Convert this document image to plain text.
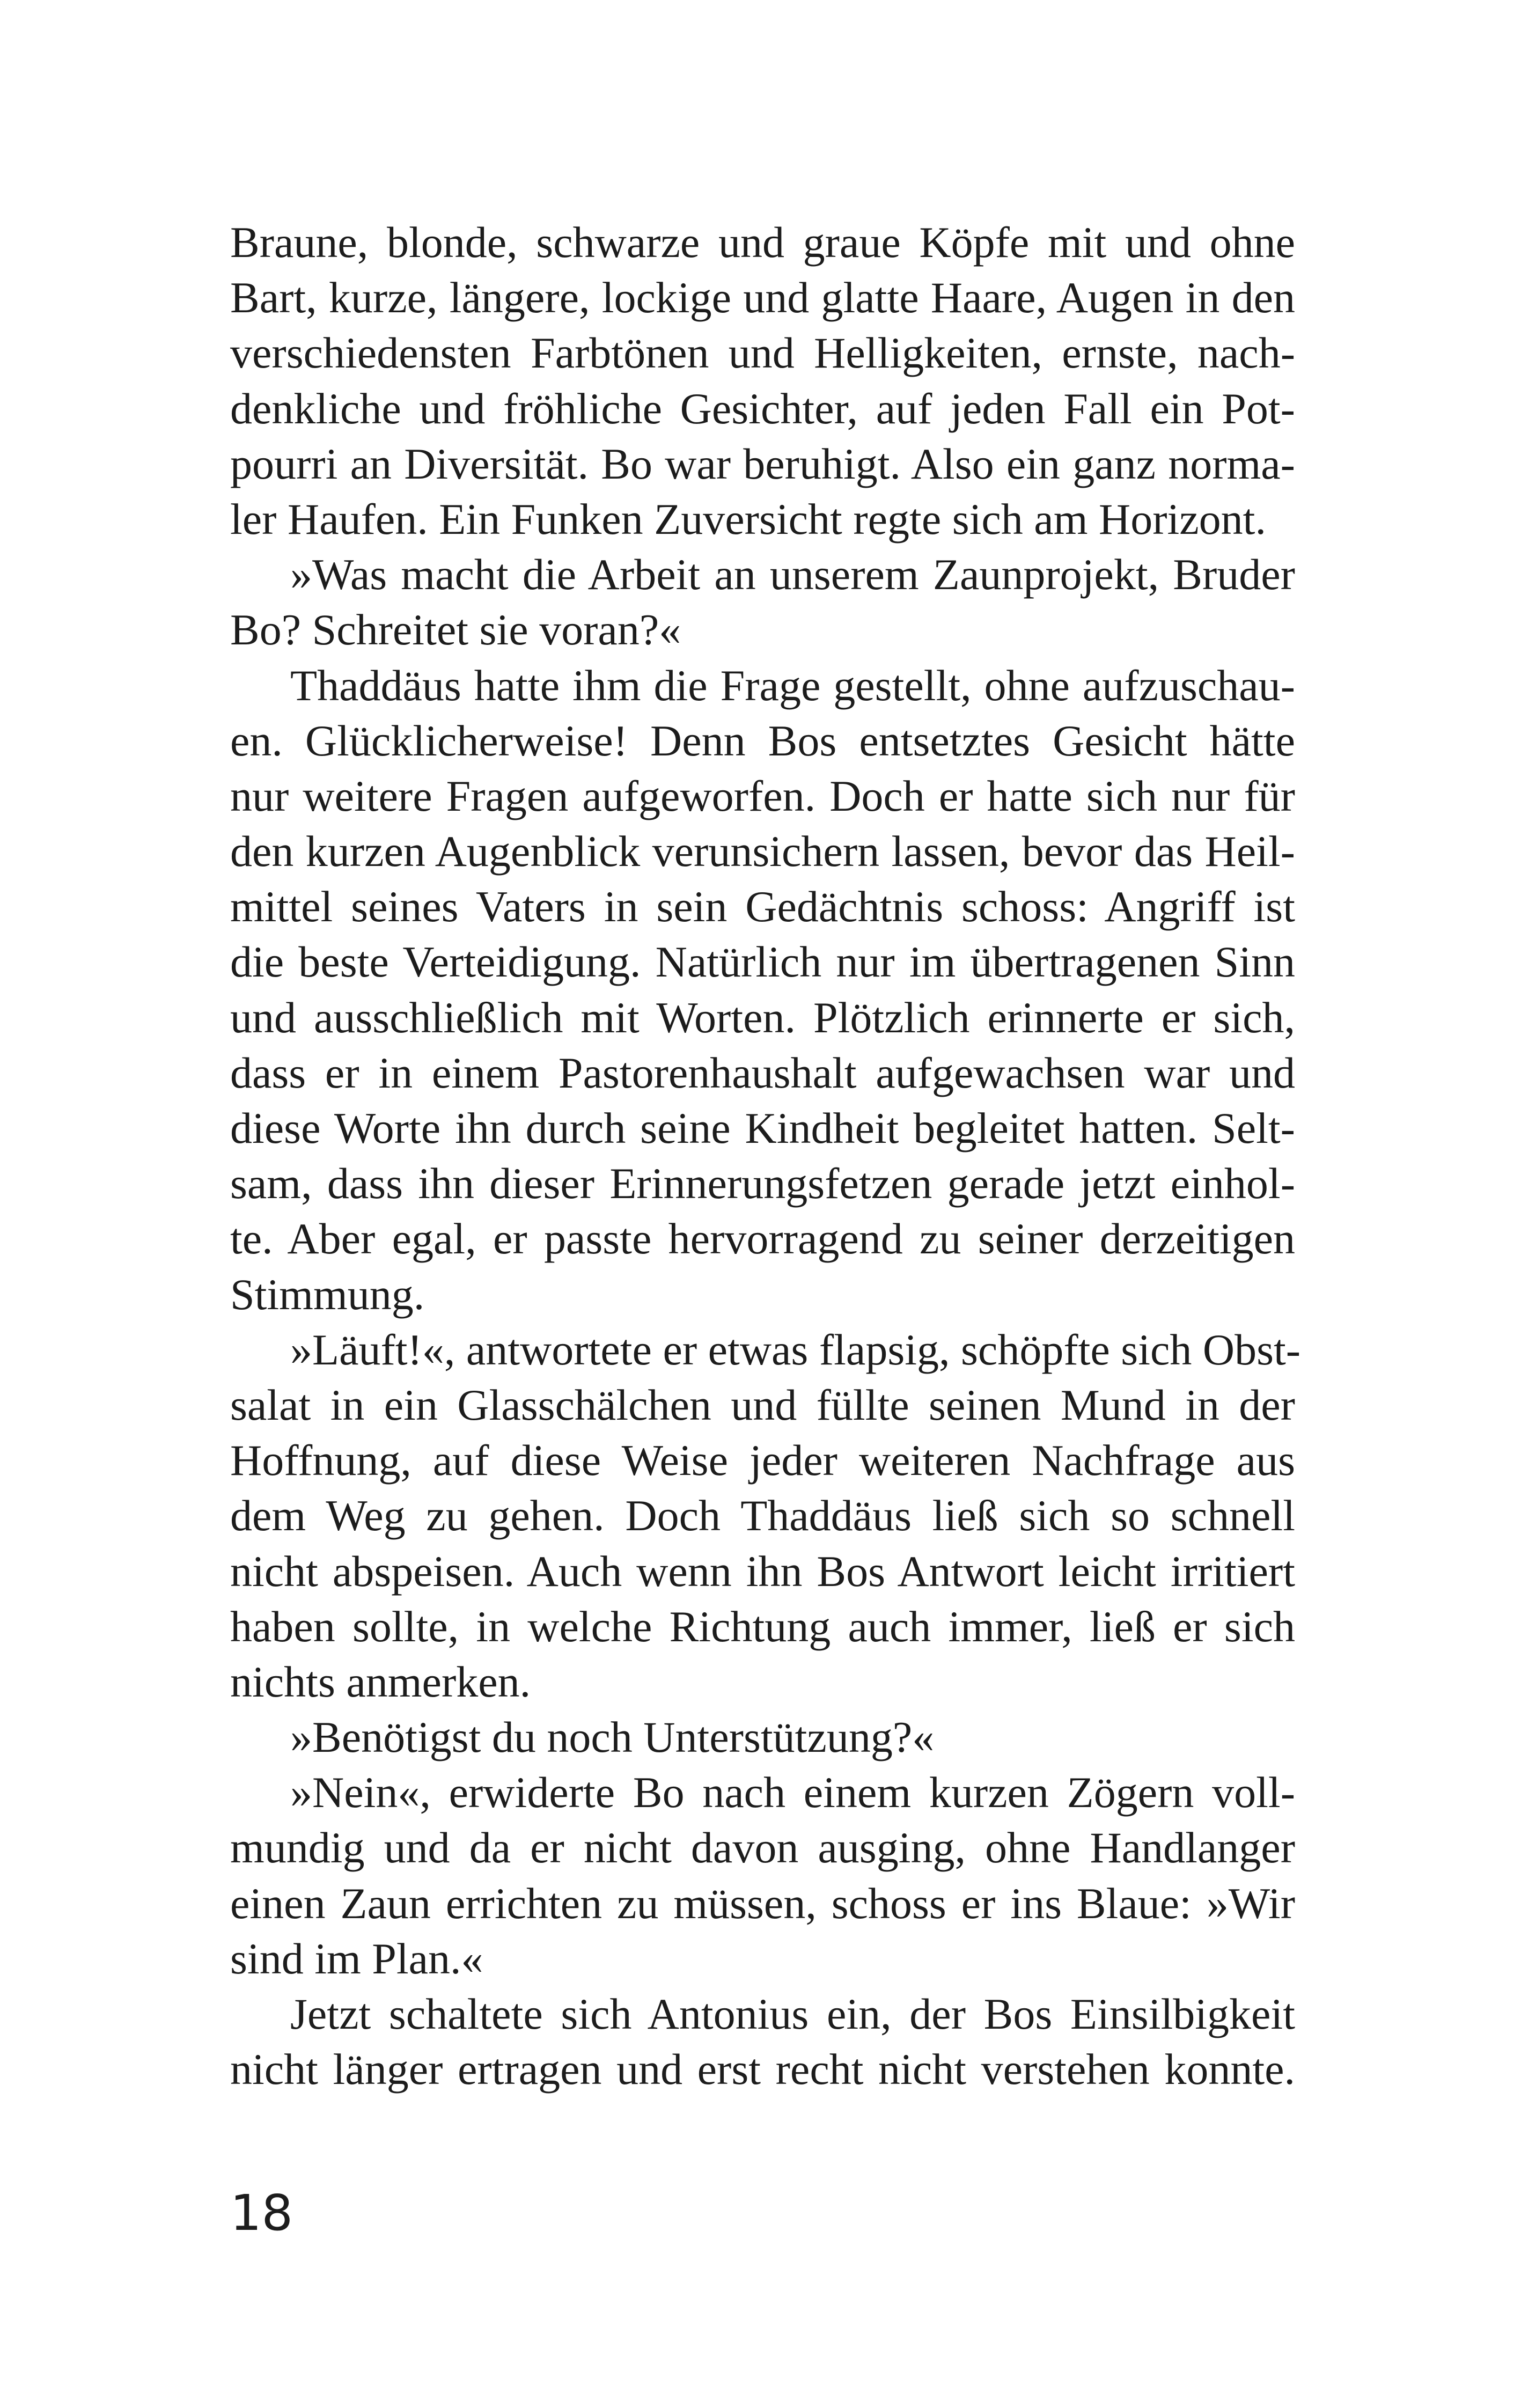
Braune, blonde, schwarze und graue Köpfe mit und ohne
Bart, kurze, längere, lockige und glatte Haare, Augen in den
verschiedensten Farbtönen und Helligkeiten, ernste, nach-
denkliche und fröhliche Gesichter, auf jeden Fall ein Pot-
pourri an Diversität. Bo war beruhigt. Also ein ganz norma-
ler Haufen. Ein Funken Zuversicht regte sich am Horizont.
»Was macht die Arbeit an unserem Zaunprojekt, Bruder
Bo? Schreitet sie voran?«
Thaddäus hatte ihm die Frage gestellt, ohne aufzuschau-
en. Glücklicherweise! Denn Bos entsetztes Gesicht hätte
nur weitere Fragen aufgeworfen. Doch er hatte sich nur für
den kurzen Augenblick verunsichern lassen, bevor das Heil-
mittel seines Vaters in sein Gedächtnis schoss: Angriff ist
die beste Verteidigung. Natürlich nur im übertragenen Sinn
und ausschließlich mit Worten. Plötzlich erinnerte er sich,
dass er in einem Pastorenhaushalt aufgewachsen war und
diese Worte ihn durch seine Kindheit begleitet hatten. Selt-
sam, dass ihn dieser Erinnerungsfetzen gerade jetzt einhol-
te. Aber egal, er passte hervorragend zu seiner derzeitigen
Stimmung.
»Läuft!«, antwortete er etwas flapsig, schöpfte sich Obst-
salat in ein Glasschälchen und füllte seinen Mund in der
Hoffnung, auf diese Weise jeder weiteren Nachfrage aus
dem Weg zu gehen. Doch Thaddäus ließ sich so schnell
nicht abspeisen. Auch wenn ihn Bos Antwort leicht irritiert
haben sollte, in welche Richtung auch immer, ließ er sich
nichts anmerken.
»Benötigst du noch Unterstützung?«
»Nein«, erwiderte Bo nach einem kurzen Zögern voll-
mundig und da er nicht davon ausging, ohne Handlanger
einen Zaun errichten zu müssen, schoss er ins Blaue: »Wir
sind im Plan.«
Jetzt schaltete sich Antonius ein, der Bos Einsilbigkeit
nicht länger ertragen und erst recht nicht verstehen konnte.
18
